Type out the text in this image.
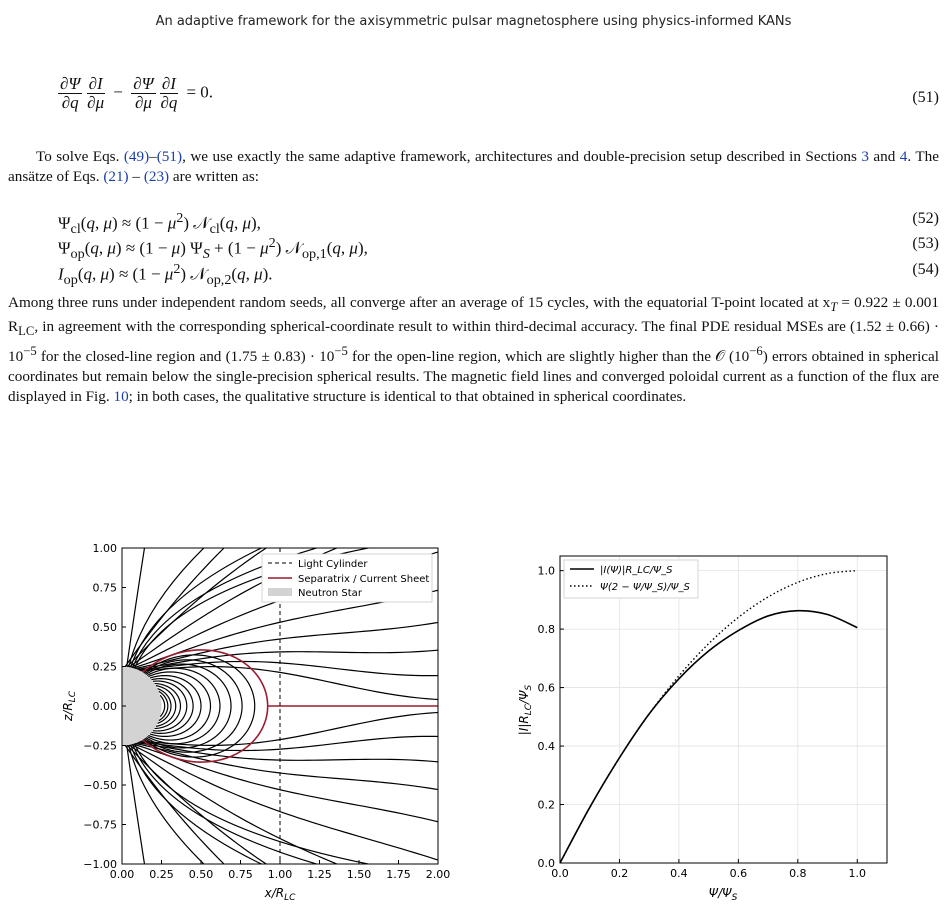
An adaptive framework for the axisymmetric pulsar magnetosphere using physics-informed KANs
$\frac{\partial\Psi}{\partial q}$
$\frac{\partial I}{\partial\mu} - \frac{\partial\Psi}{\partial\mu}$
$\frac{\partial I}{\partial q} = 0$.	(51)
To solve Eqs. (49)–(51), we use exactly the same adaptive framework, architectures and double-precision setup described in Sections 3 and 4. The ansätze of Eqs. (21) – (23) are written as:
$\Psi_{cl}(q$, $\mu) \approx (1 - \mu^2)$ 𝒩$_{cl}$(q, μ),	(52)
$\Psi_{op}(q$, μ) ≈ (1 − μ) $\Psi_S + (1 - \mu^2)$ 𝒩$_{op,1}$(q, μ),	(53)
$I_{op}(q$, $\mu) \approx (1 - \mu^2)$ 𝒩$_{op,2}$(q, μ).	(54)
Among three runs under independent random seeds, all converge after an average of 15 cycles, with the equatorial T-point located at $x_T = 0.922 \pm 0.001$ $R_{LC}$, in agreement with the corresponding spherical-coordinate result to within third-decimal accuracy. The final PDE residual MSEs are $(1.52 \pm 0.66) \cdot 10^{-5}$ for the closed-line region and $(1.75 \pm 0.83) \cdot 10^{-5}$ for the open-line region, which are slightly higher than the 𝒪 $(10^{-6})$ errors obtained in spherical coordinates but remain below the single-precision spherical results. The magnetic field lines and converged poloidal current as a function of the flux are displayed in Fig. 10; in both cases, the qualitative structure is identical to that obtained in spherical coordinates.
0.00 0.25 0.50 0.75 1.00 1.25 1.50 1.75 2.00
1.00
0.75
0.50
0.25
0.00
−0.25
−0.50
−0.75
−1.00
$x/R_{LC}$
$z/R_{LC}$
Light Cylinder
Separatrix / Current Sheet
Neutron Star
0.0	0.2	0.4	0.6	0.8	1.0
0.0
0.2
0.4
0.6
0.8
1.0
$\Psi/\Psi_S$
$|I|R_{LC}/\Psi_S$
|I(Ψ)|R_LC/Ψ_S
Ψ(2 − Ψ/Ψ_S)/Ψ_S
